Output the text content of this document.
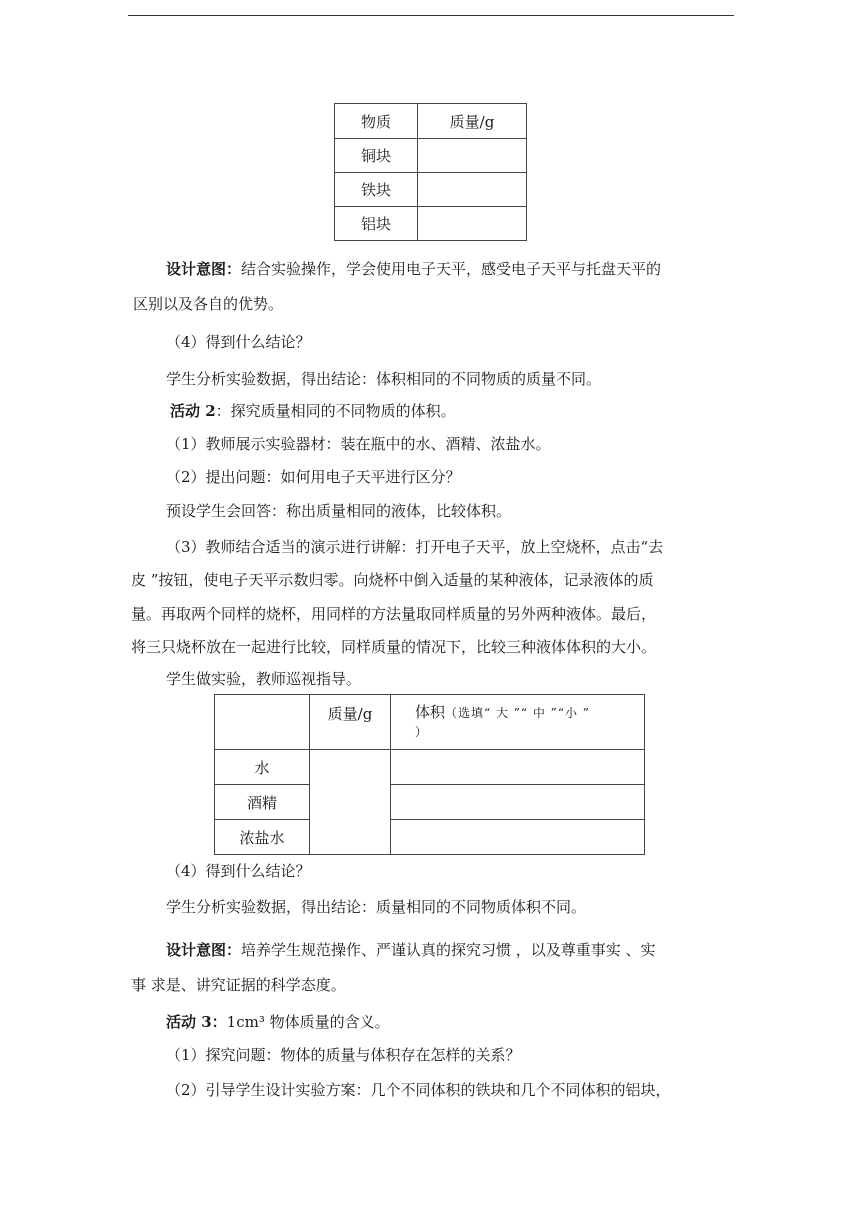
物质	质量/g
铜块	
铁块	
铝块	

设计意图：结合实验操作，学会使用电子天平，感受电子天平与托盘天平的

区别以及各自的优势。

（4）得到什么结论？

学生分析实验数据，得出结论：体积相同的不同物质的质量不同。

活动 2：探究质量相同的不同物质的体积。

（1）教师展示实验器材：装在瓶中的水、酒精、浓盐水。

（2）提出问题：如何用电子天平进行区分？

预设学生会回答：称出质量相同的液体，比较体积。

（3）教师结合适当的演示进行讲解：打开电子天平，放上空烧杯，点击“去

皮 ”按钮，使电子天平示数归零。向烧杯中倒入适量的某种液体，记录液体的质

量。再取两个同样的烧杯，用同样的方法量取同样质量的另外两种液体。最后，

将三只烧杯放在一起进行比较，同样质量的情况下，比较三种液体体积的大小。

学生做实验，教师巡视指导。

	质量/g	体积（选填“ 大 ”“ 中 ”“小 ”
）
水		
酒精		
浓盐水		

（4）得到什么结论？

学生分析实验数据，得出结论：质量相同的不同物质体积不同。

设计意图：培养学生规范操作、严谨认真的探究习惯 ，以及尊重事实 、实

事 求是、讲究证据的科学态度。

活动 3：1cm³ 物体质量的含义。

（1）探究问题：物体的质量与体积存在怎样的关系？

（2）引导学生设计实验方案：几个不同体积的铁块和几个不同体积的铝块，
